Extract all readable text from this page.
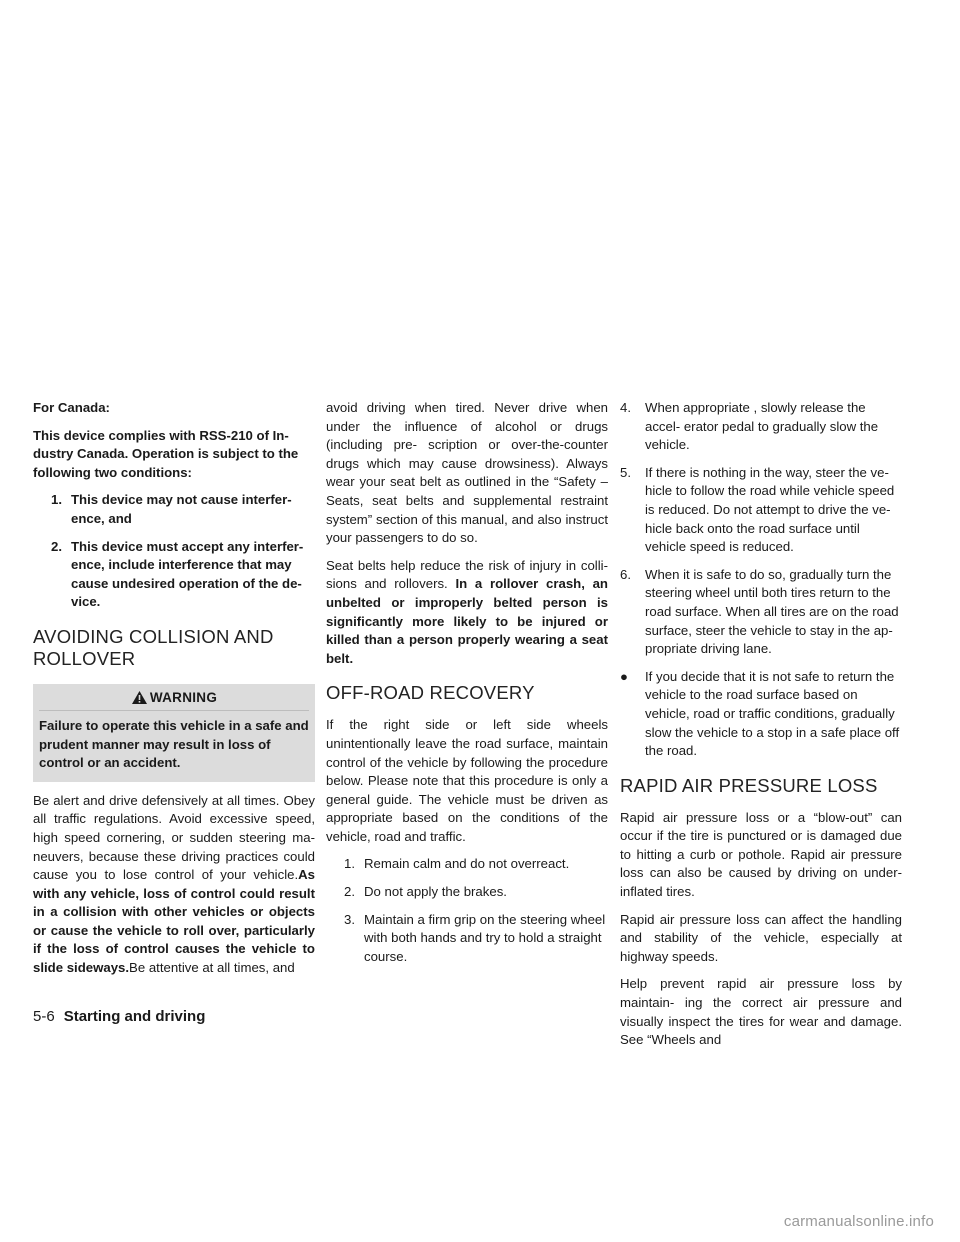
For Canada:

This device complies with RSS-210 of In- dustry Canada. Operation is subject to the following two conditions:

1. This device may not cause interfer- ence, and
2. This device must accept any interfer- ence, include interference that may cause undesired operation of the de- vice.
AVOIDING COLLISION AND
ROLLOVER
WARNING
Failure to operate this vehicle in a safe and prudent manner may result in loss of control or an accident.

Be alert and drive defensively at all times. Obey all traffic regulations. Avoid excessive speed, high speed cornering, or sudden steering ma- neuvers, because these driving practices could cause you to lose control of your vehicle.As with any vehicle, loss of control could result in a collision with other vehicles or objects or cause the vehicle to roll over, particularly if the loss of control causes the vehicle to slide sideways.Be attentive at all times, and

avoid driving when tired. Never drive when under the influence of alcohol or drugs (including pre- scription or over-the-counter drugs which may cause drowsiness). Always wear your seat belt as outlined in the “Safety – Seats, seat belts and supplemental restraint system” section of this manual, and also instruct your passengers to do so.

Seat belts help reduce the risk of injury in colli- sions and rollovers. In a rollover crash, an unbelted or improperly belted person is significantly more likely to be injured or killed than a person properly wearing a seat belt.

OFF-ROAD RECOVERY

If the right side or left side wheels unintentionally leave the road surface, maintain control of the vehicle by following the procedure below. Please note that this procedure is only a general guide. The vehicle must be driven as appropriate based on the conditions of the vehicle, road and traffic.

1. Remain calm and do not overreact.
2. Do not apply the brakes.
3. Maintain a firm grip on the steering wheel with both hands and try to hold a straight course.
4. When appropriate , slowly release the accel- erator pedal to gradually slow the vehicle.
5. If there is nothing in the way, steer the ve- hicle to follow the road while vehicle speed is reduced. Do not attempt to drive the ve- hicle back onto the road surface until vehicle speed is reduced.
6. When it is safe to do so, gradually turn the steering wheel until both tires return to the road surface. When all tires are on the road surface, steer the vehicle to stay in the ap- propriate driving lane.
● If you decide that it is not safe to return the vehicle to the road surface based on vehicle, road or traffic conditions, gradually slow the vehicle to a stop in a safe place off the road.
RAPID AIR PRESSURE LOSS

Rapid air pressure loss or a “blow-out” can occur if the tire is punctured or is damaged due to hitting a curb or pothole. Rapid air pressure loss can also be caused by driving on under-inflated tires.

Rapid air pressure loss can affect the handling and stability of the vehicle, especially at highway speeds.

Help prevent rapid air pressure loss by maintain- ing the correct air pressure and visually inspect the tires for wear and damage. See “Wheels and

5-6 Starting and driving
carmanualsonline.info
